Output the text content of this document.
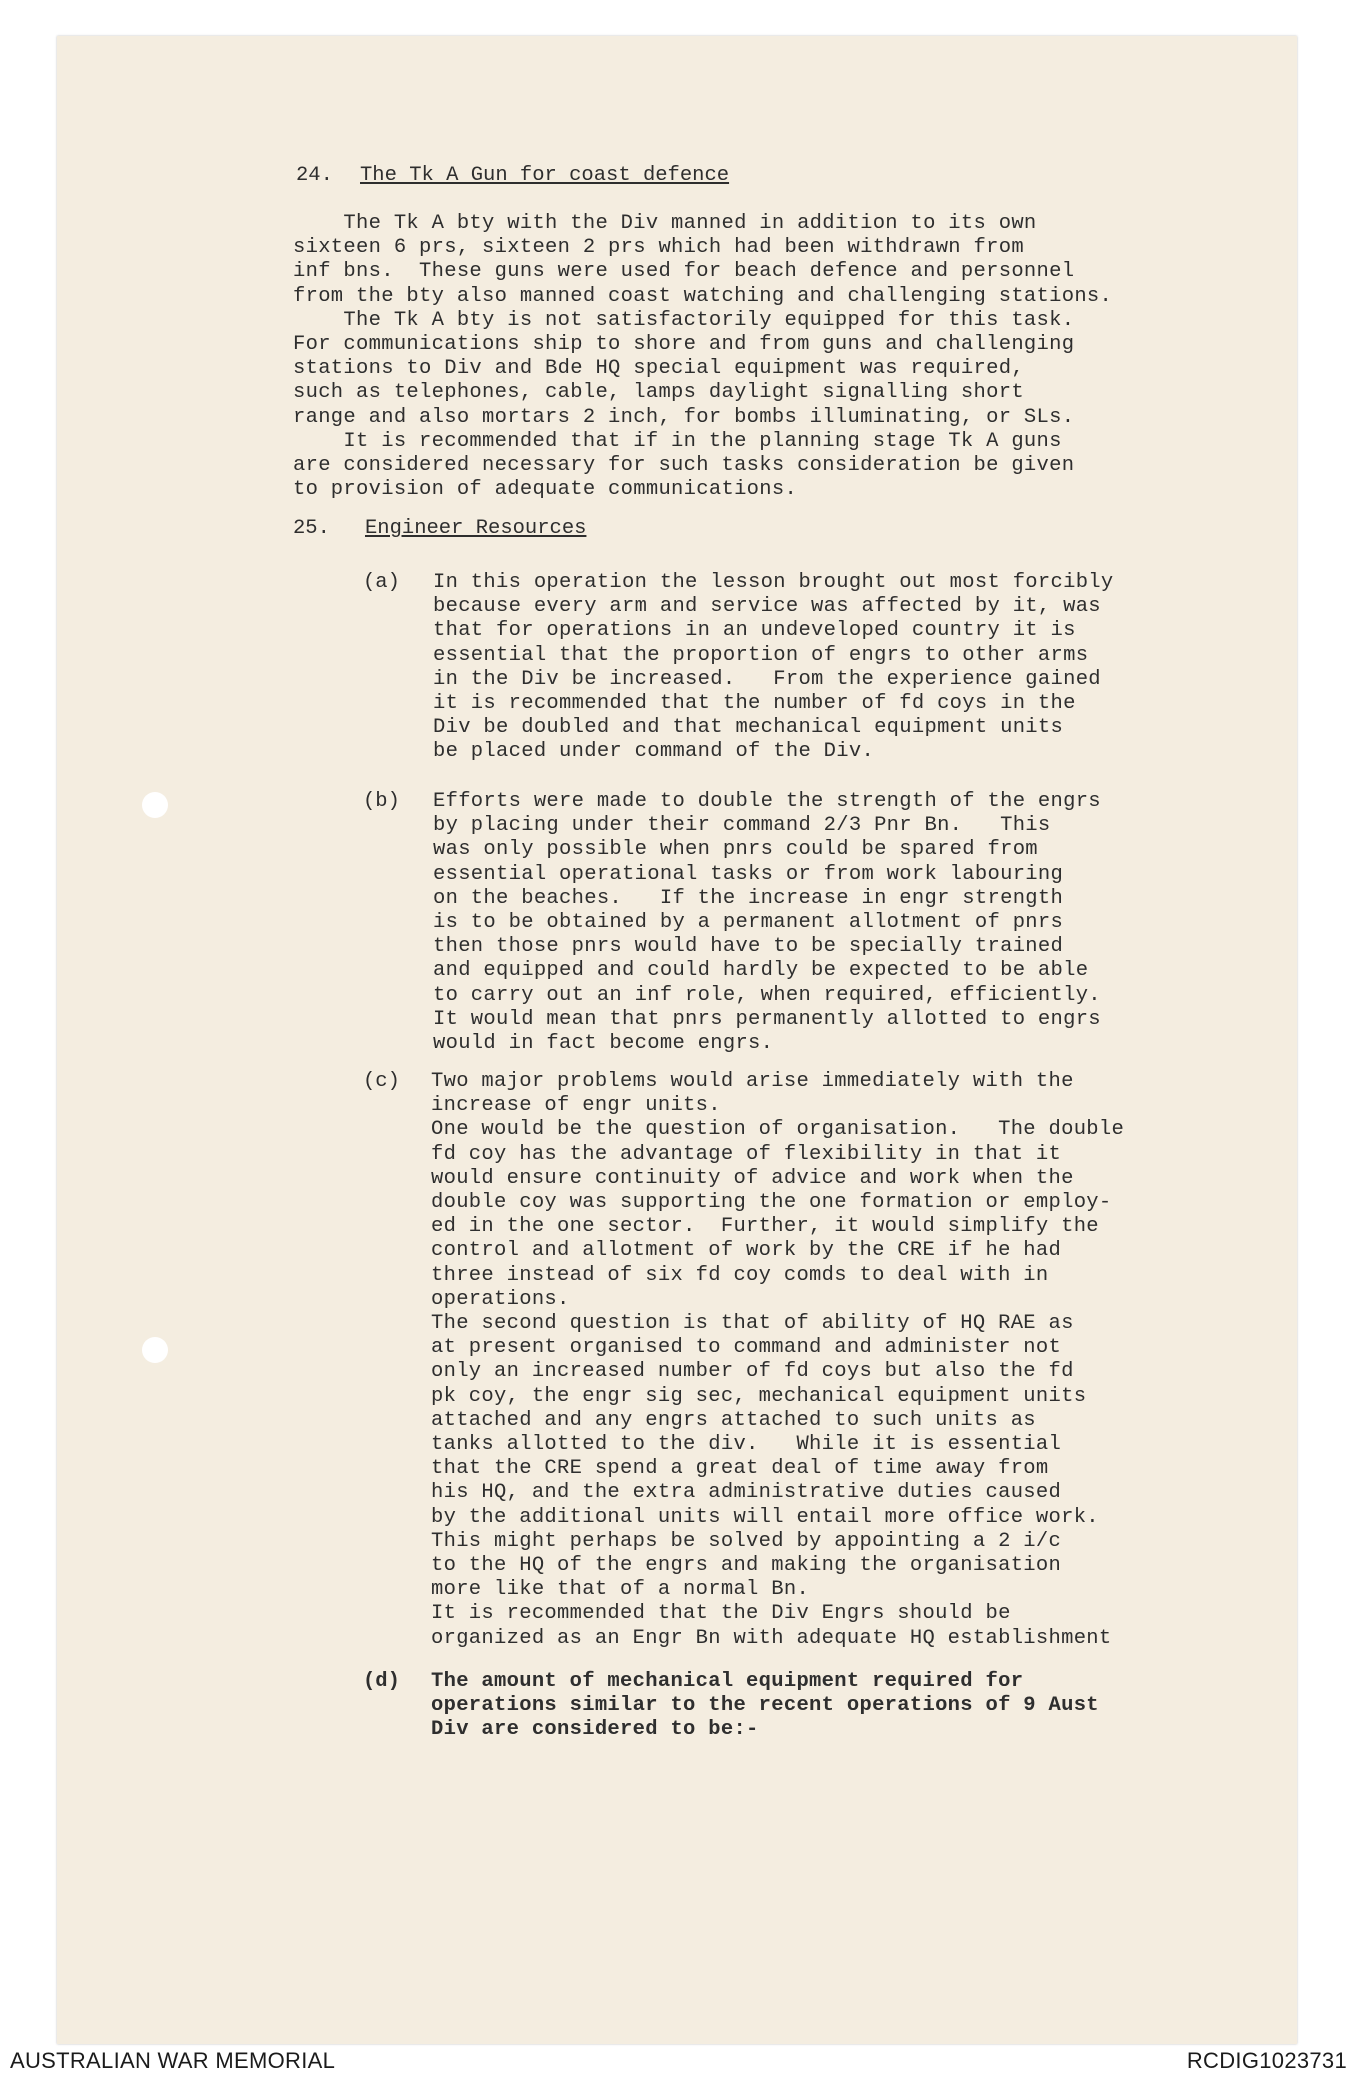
24. The Tk A Gun for coast defence
The Tk A bty with the Div manned in addition to its own
sixteen 6 prs, sixteen 2 prs which had been withdrawn from
inf bns.  These guns were used for beach defence and personnel
from the bty also manned coast watching and challenging stations.
The Tk A bty is not satisfactorily equipped for this task.
For communications ship to shore and from guns and challenging
stations to Div and Bde HQ special equipment was required,
such as telephones, cable, lamps daylight signalling short
range and also mortars 2 inch, for bombs illuminating, or SLs.
It is recommended that if in the planning stage Tk A guns
are considered necessary for such tasks consideration be given
to provision of adequate communications.
25. Engineer Resources
(a) In this operation the lesson brought out most forcibly
because every arm and service was affected by it, was
that for operations in an undeveloped country it is
essential that the proportion of engrs to other arms
in the Div be increased.   From the experience gained
it is recommended that the number of fd coys in the
Div be doubled and that mechanical equipment units
be placed under command of the Div.
(b) Efforts were made to double the strength of the engrs
by placing under their command 2/3 Pnr Bn.   This
was only possible when pnrs could be spared from
essential operational tasks or from work labouring
on the beaches.   If the increase in engr strength
is to be obtained by a permanent allotment of pnrs
then those pnrs would have to be specially trained
and equipped and could hardly be expected to be able
to carry out an inf role, when required, efficiently.
It would mean that pnrs permanently allotted to engrs
would in fact become engrs.
(c) Two major problems would arise immediately with the
increase of engr units.
One would be the question of organisation.   The double
fd coy has the advantage of flexibility in that it
would ensure continuity of advice and work when the
double coy was supporting the one formation or employ-
ed in the one sector.  Further, it would simplify the
control and allotment of work by the CRE if he had
three instead of six fd coy comds to deal with in
operations.
The second question is that of ability of HQ RAE as
at present organised to command and administer not
only an increased number of fd coys but also the fd
pk coy, the engr sig sec, mechanical equipment units
attached and any engrs attached to such units as
tanks allotted to the div.   While it is essential
that the CRE spend a great deal of time away from
his HQ, and the extra administrative duties caused
by the additional units will entail more office work.
This might perhaps be solved by appointing a 2 i/c
to the HQ of the engrs and making the organisation
more like that of a normal Bn.
It is recommended that the Div Engrs should be
organized as an Engr Bn with adequate HQ establishment
(d) The amount of mechanical equipment required for
operations similar to the recent operations of 9 Aust
Div are considered to be:-
AUSTRALIAN WAR MEMORIAL	RCDIG1023731
